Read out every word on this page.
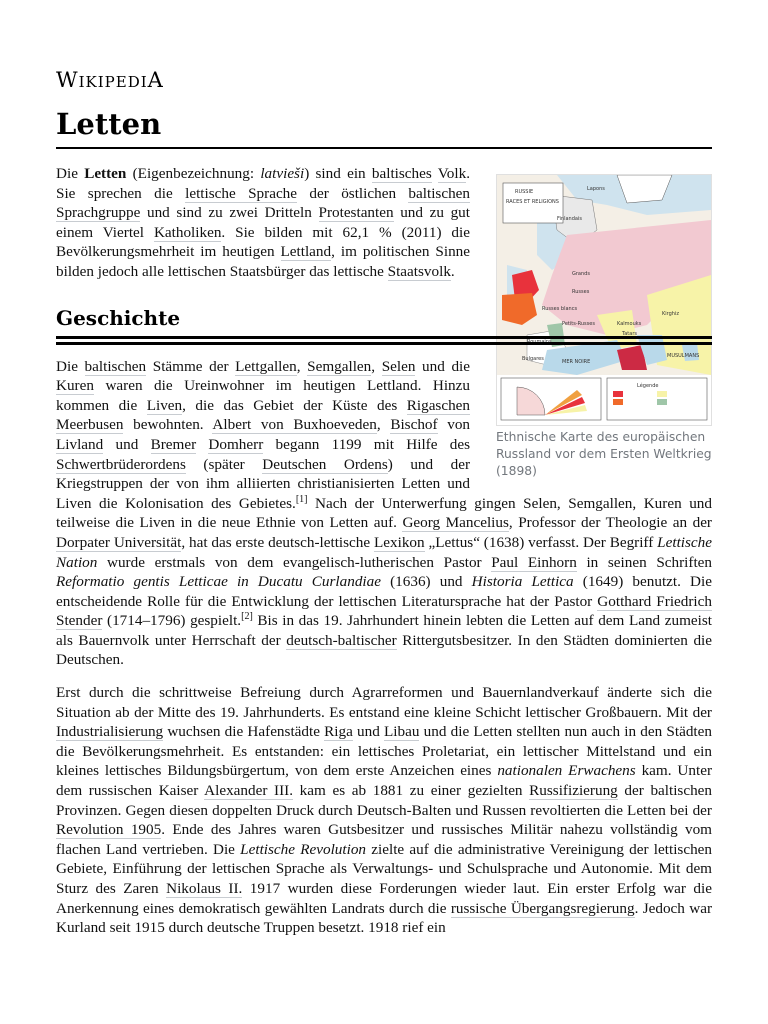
WIKIPEDIA
Letten
RUSSIE
RACES ET RELIGIONS
Lapons
Finlandais
Grands
Russes
Russes blancs
Petits-Russes
Roumains
Bulgares	MER NOIRE
MUSULMANS
Kirghiz
Tatars
Kalmouks
Légende
Ethnische Karte des europäischen Russland vor dem Ersten Weltkrieg (1898)

Die Letten (Eigenbezeichnung: latvieši) sind ein baltisches Volk. Sie sprechen die lettische Sprache der östlichen baltischen Sprachgruppe und sind zu zwei Dritteln Protestanten und zu gut einem Viertel Katholiken. Sie bilden mit 62,1 % (2011) die Bevölkerungsmehrheit im heutigen Lettland, im politischen Sinne bilden jedoch alle lettischen Staatsbürger das lettische Staatsvolk.

Geschichte

Die baltischen Stämme der Lettgallen, Semgallen, Selen und die Kuren waren die Ureinwohner im heutigen Lettland. Hinzu kommen die Liven, die das Gebiet der Küste des Rigaschen Meerbusen bewohnten. Albert von Buxhoeveden, Bischof von Livland und Bremer Domherr begann 1199 mit Hilfe des Schwertbrüderordens (später Deutschen Ordens) und der Kriegstruppen der von ihm alliierten christianisierten Letten und Liven die Kolonisation des Gebietes.[1] Nach der Unterwerfung gingen Selen, Semgallen, Kuren und teilweise die Liven in die neue Ethnie von Letten auf. Georg Mancelius, Professor der Theologie an der Dorpater Universität, hat das erste deutsch-lettische Lexikon „Lettus“ (1638) verfasst. Der Begriff Lettische Nation wurde erstmals von dem evangelisch-lutherischen Pastor Paul Einhorn in seinen Schriften Reformatio gentis Letticae in Ducatu Curlandiae (1636) und Historia Lettica (1649) benutzt. Die entscheidende Rolle für die Entwicklung der lettischen Literatursprache hat der Pastor Gotthard Friedrich Stender (1714–1796) gespielt.[2] Bis in das 19. Jahrhundert hinein lebten die Letten auf dem Land zumeist als Bauernvolk unter Herrschaft der deutsch-baltischer Rittergutsbesitzer. In den Städten dominierten die Deutschen.

Erst durch die schrittweise Befreiung durch Agrarreformen und Bauernlandverkauf änderte sich die Situation ab der Mitte des 19. Jahrhunderts. Es entstand eine kleine Schicht lettischer Großbauern. Mit der Industrialisierung wuchsen die Hafenstädte Riga und Libau und die Letten stellten nun auch in den Städten die Bevölkerungsmehrheit. Es entstanden: ein lettisches Proletariat, ein lettischer Mittelstand und ein kleines lettisches Bildungsbürgertum, von dem erste Anzeichen eines nationalen Erwachens kam. Unter dem russischen Kaiser Alexander III. kam es ab 1881 zu einer gezielten Russifizierung der baltischen Provinzen. Gegen diesen doppelten Druck durch Deutsch-Balten und Russen revoltierten die Letten bei der Revolution 1905. Ende des Jahres waren Gutsbesitzer und russisches Militär nahezu vollständig vom flachen Land vertrieben. Die Lettische Revolution zielte auf die administrative Vereinigung der lettischen Gebiete, Einführung der lettischen Sprache als Verwaltungs- und Schulsprache und Autonomie. Mit dem Sturz des Zaren Nikolaus II. 1917 wurden diese Forderungen wieder laut. Ein erster Erfolg war die Anerkennung eines demokratisch gewählten Landrats durch die russische Übergangsregierung. Jedoch war Kurland seit 1915 durch deutsche Truppen besetzt. 1918 rief ein
